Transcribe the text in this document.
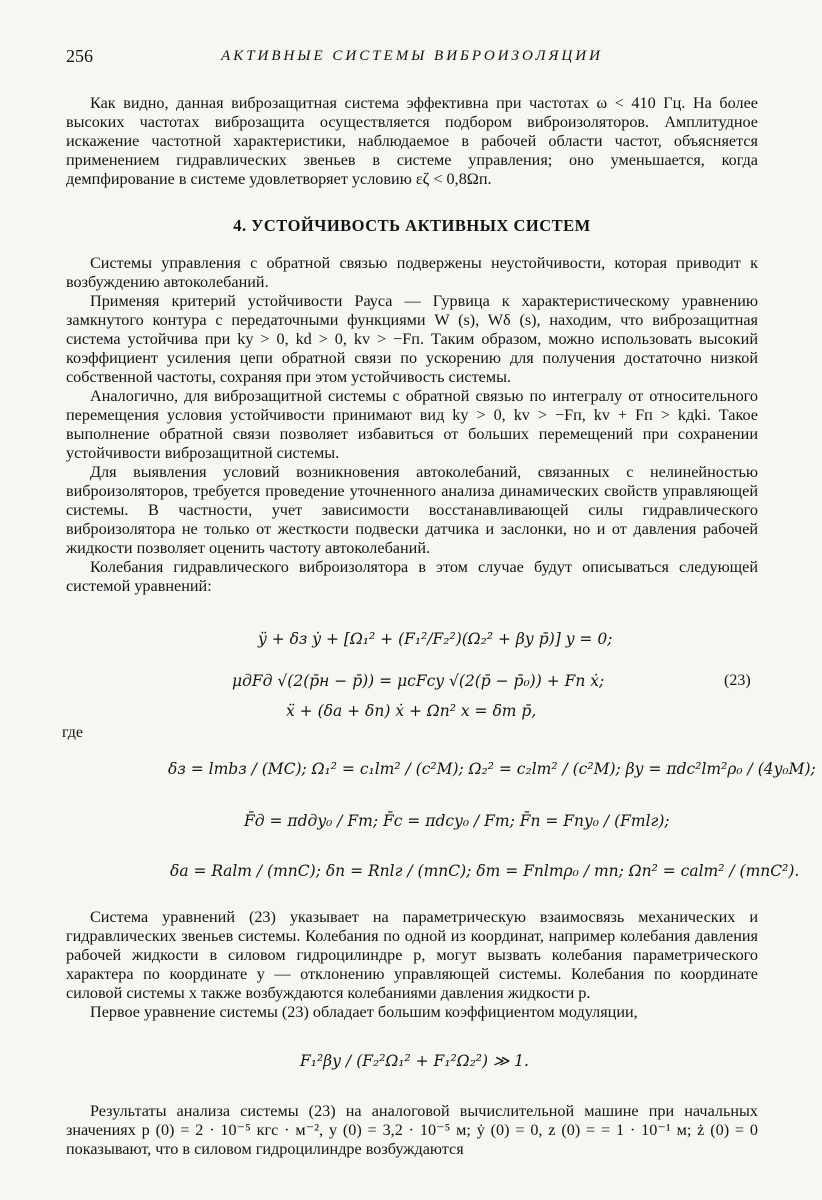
256	АКТИВНЫЕ СИСТЕМЫ ВИБРОИЗОЛЯЦИИ

Как видно, данная виброзащитная система эффективна при частотах ω < 410 Гц. На более высоких частотах виброзащита осуществляется подбором виброизоляторов. Амплитудное искажение частотной характеристики, наблюдаемое в рабочей области частот, объясняется применением гидравлических звеньев в системе управления; оно уменьшается, когда демпфирование в системе удовлетворяет условию εζ < 0,8Ωп.

4. УСТОЙЧИВОСТЬ АКТИВНЫХ СИСТЕМ

Системы управления с обратной связью подвержены неустойчивости, которая приводит к возбуждению автоколебаний.

Применяя критерий устойчивости Рауса — Гурвица к характеристическому уравнению замкнутого контура с передаточными функциями W (s), Wδ (s), находим, что виброзащитная система устойчива при kу > 0, kd > 0, kv > −Fп. Таким образом, можно использовать высокий коэффициент усиления цепи обратной связи по ускорению для получения достаточно низкой собственной частоты, сохраняя при этом устойчивость системы.

Аналогично, для виброзащитной системы с обратной связью по интегралу от относительного перемещения условия устойчивости принимают вид kу > 0, kv > −Fп, kv + Fп > kдki. Такое выполнение обратной связи позволяет избавиться от больших перемещений при сохранении устойчивости виброзащитной системы.

Для выявления условий возникновения автоколебаний, связанных с нелинейностью виброизоляторов, требуется проведение уточненного анализа динамических свойств управляющей системы. В частности, учет зависимости восстанавливающей силы гидравлического виброизолятора не только от жесткости подвески датчика и заслонки, но и от давления рабочей жидкости позволяет оценить частоту автоколебаний.

Колебания гидравлического виброизолятора в этом случае будут описываться следующей системой уравнений:

ÿ + δз ẏ + [Ω₁² + (F₁²/F₂²)(Ω₂² + βу p̄)] y = 0;
μдFд √(2(p̄н − p̄)) = μсFсy √(2(p̄ − p̄₀)) + Fп ẋ;	(23)
ẍ + (δа + δп) ẋ + Ωп² x = δт p̄,
где
δз = lтbз / (MC); Ω₁² = c₁lт² / (c²M); Ω₂² = c₂lт² / (c²M); βу = πdс²lт²ρ₀ / (4y₀M);
F̄д = πdдy₀ / Fт; F̄с = πdсy₀ / Fт; F̄п = Fпy₀ / (Fтlг);
δа = Rаlт / (mпC); δп = Rпlг / (mпC); δт = Fпlтρ₀ / mп; Ωп² = cаlт² / (mпC²).

Система уравнений (23) указывает на параметрическую взаимосвязь механических и гидравлических звеньев системы. Колебания по одной из координат, например колебания давления рабочей жидкости в силовом гидроцилиндре p, могут вызвать колебания параметрического характера по координате y — отклонению управляющей системы. Колебания по координате силовой системы x также возбуждаются колебаниями давления жидкости p.

Первое уравнение системы (23) обладает большим коэффициентом модуляции,

F₁²βу / (F₂²Ω₁² + F₁²Ω₂²) ≫ 1.

Результаты анализа системы (23) на аналоговой вычислительной машине при начальных значениях p (0) = 2 · 10⁻⁵ кгс · м⁻², y (0) = 3,2 · 10⁻⁵ м; ẏ (0) = 0, z (0) = = 1 · 10⁻¹ м; ż (0) = 0 показывают, что в силовом гидроцилиндре возбуждаются
